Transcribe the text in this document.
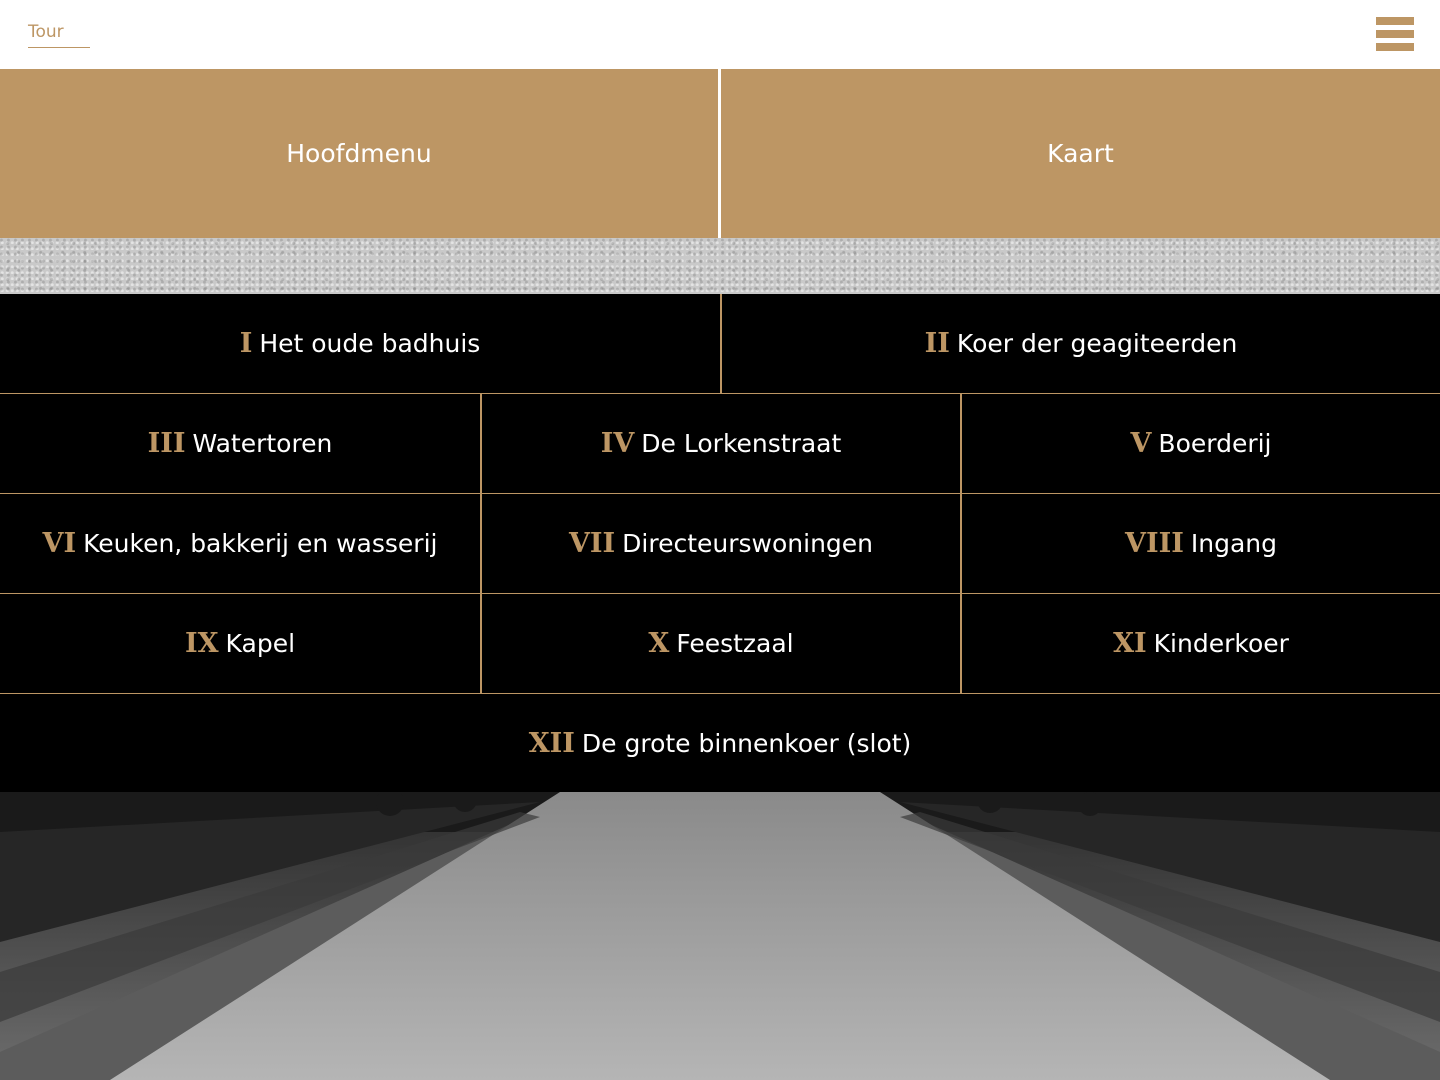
Tour
Hoofdmenu	Kaart
I Het oude badhuis	II Koer der geagiteerden
III Watertoren	IV De Lorkenstraat	V Boerderij
VI Keuken, bakkerij en wasserij	VII Directeurswoningen	VIII Ingang
IX Kapel	X Feestzaal	XI Kinderkoer
XII De grote binnenkoer (slot)
